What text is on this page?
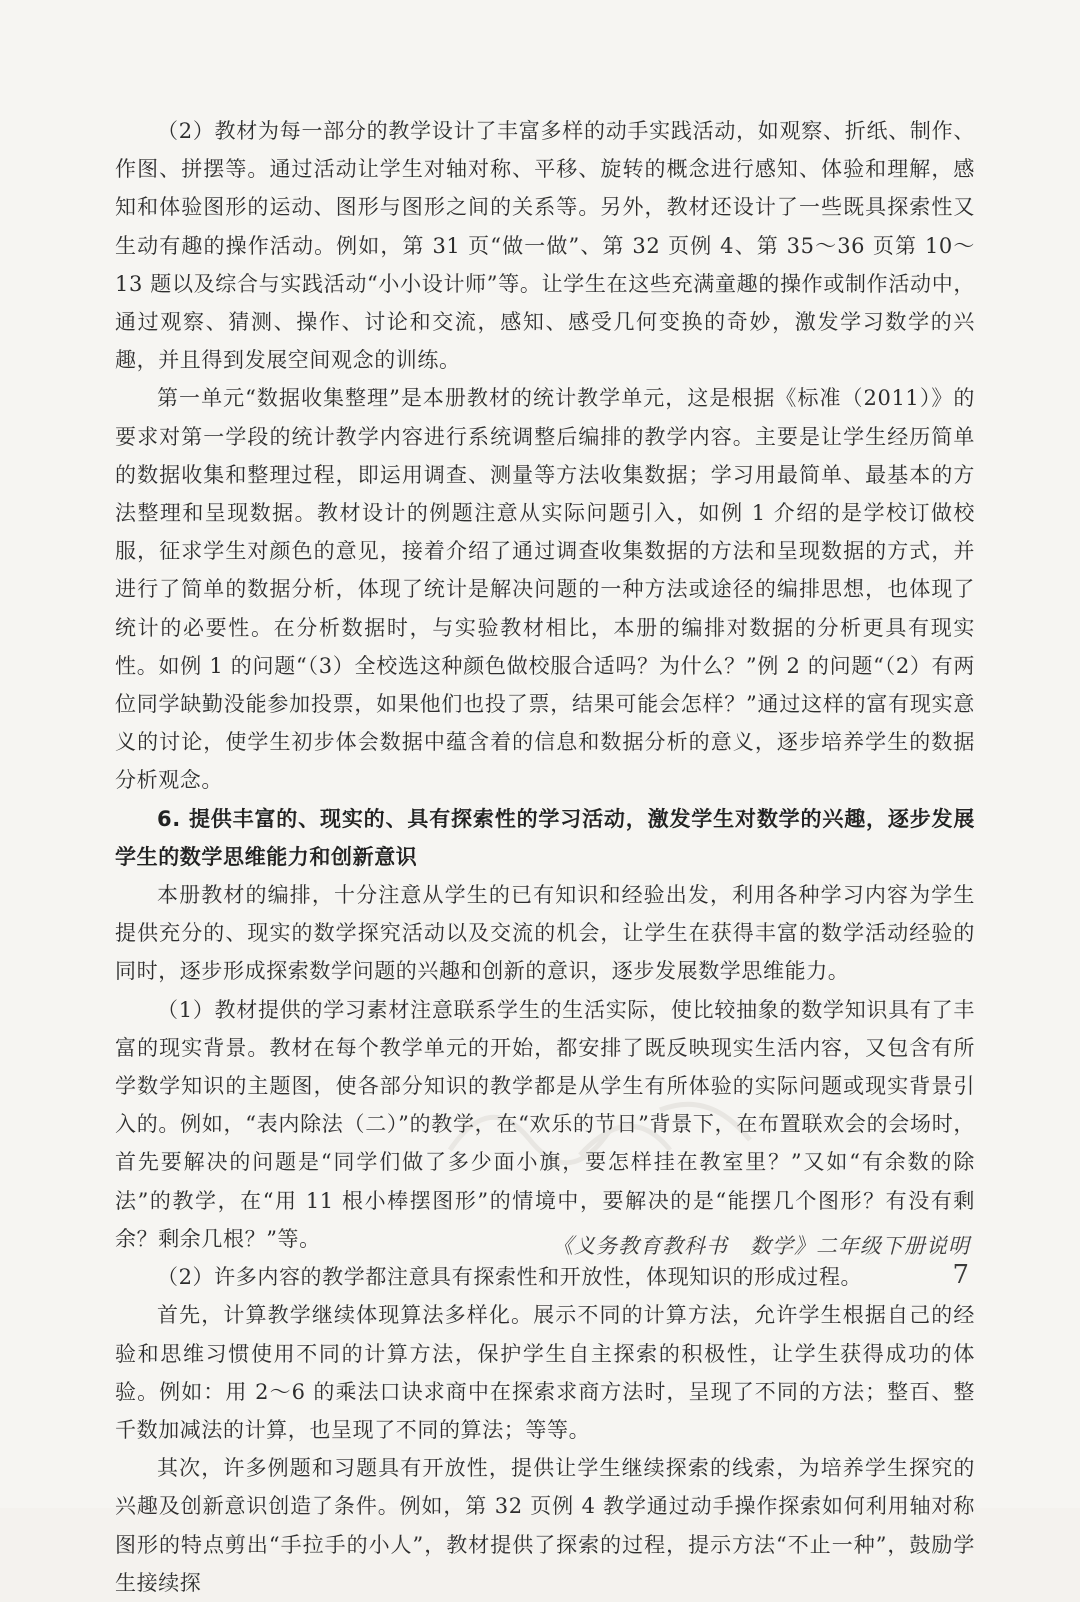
（2）教材为每一部分的教学设计了丰富多样的动手实践活动，如观察、折纸、制作、作图、拼摆等。通过活动让学生对轴对称、平移、旋转的概念进行感知、体验和理解，感知和体验图形的运动、图形与图形之间的关系等。另外，教材还设计了一些既具探索性又生动有趣的操作活动。例如，第 31 页“做一做”、第 32 页例 4、第 35～36 页第 10～13 题以及综合与实践活动“小小设计师”等。让学生在这些充满童趣的操作或制作活动中，通过观察、猜测、操作、讨论和交流，感知、感受几何变换的奇妙，激发学习数学的兴趣，并且得到发展空间观念的训练。

第一单元“数据收集整理”是本册教材的统计教学单元，这是根据《标准（2011）》的要求对第一学段的统计教学内容进行系统调整后编排的教学内容。主要是让学生经历简单的数据收集和整理过程，即运用调查、测量等方法收集数据；学习用最简单、最基本的方法整理和呈现数据。教材设计的例题注意从实际问题引入，如例 1 介绍的是学校订做校服，征求学生对颜色的意见，接着介绍了通过调查收集数据的方法和呈现数据的方式，并进行了简单的数据分析，体现了统计是解决问题的一种方法或途径的编排思想，也体现了统计的必要性。在分析数据时，与实验教材相比，本册的编排对数据的分析更具有现实性。如例 1 的问题“（3）全校选这种颜色做校服合适吗？为什么？”例 2 的问题“（2）有两位同学缺勤没能参加投票，如果他们也投了票，结果可能会怎样？”通过这样的富有现实意义的讨论，使学生初步体会数据中蕴含着的信息和数据分析的意义，逐步培养学生的数据分析观念。

6. 提供丰富的、现实的、具有探索性的学习活动，激发学生对数学的兴趣，逐步发展学生的数学思维能力和创新意识

本册教材的编排，十分注意从学生的已有知识和经验出发，利用各种学习内容为学生提供充分的、现实的数学探究活动以及交流的机会，让学生在获得丰富的数学活动经验的同时，逐步形成探索数学问题的兴趣和创新的意识，逐步发展数学思维能力。

（1）教材提供的学习素材注意联系学生的生活实际，使比较抽象的数学知识具有了丰富的现实背景。教材在每个教学单元的开始，都安排了既反映现实生活内容，又包含有所学数学知识的主题图，使各部分知识的教学都是从学生有所体验的实际问题或现实背景引入的。例如，“表内除法（二）”的教学，在“欢乐的节日”背景下，在布置联欢会的会场时，首先要解决的问题是“同学们做了多少面小旗，要怎样挂在教室里？”又如“有余数的除法”的教学，在“用 11 根小棒摆图形”的情境中，要解决的是“能摆几个图形？有没有剩余？剩余几根？”等。

（2）许多内容的教学都注意具有探索性和开放性，体现知识的形成过程。

首先，计算教学继续体现算法多样化。展示不同的计算方法，允许学生根据自己的经验和思维习惯使用不同的计算方法，保护学生自主探索的积极性，让学生获得成功的体验。例如：用 2～6 的乘法口诀求商中在探索求商方法时，呈现了不同的方法；整百、整千数加减法的计算，也呈现了不同的算法；等等。

其次，许多例题和习题具有开放性，提供让学生继续探索的线索，为培养学生探究的兴趣及创新意识创造了条件。例如，第 32 页例 4 教学通过动手操作探索如何利用轴对称图形的特点剪出“手拉手的小人”，教材提供了探索的过程，提示方法“不止一种”，鼓励学生接续探

《义务教育教科书　数学》二年级下册说明7
